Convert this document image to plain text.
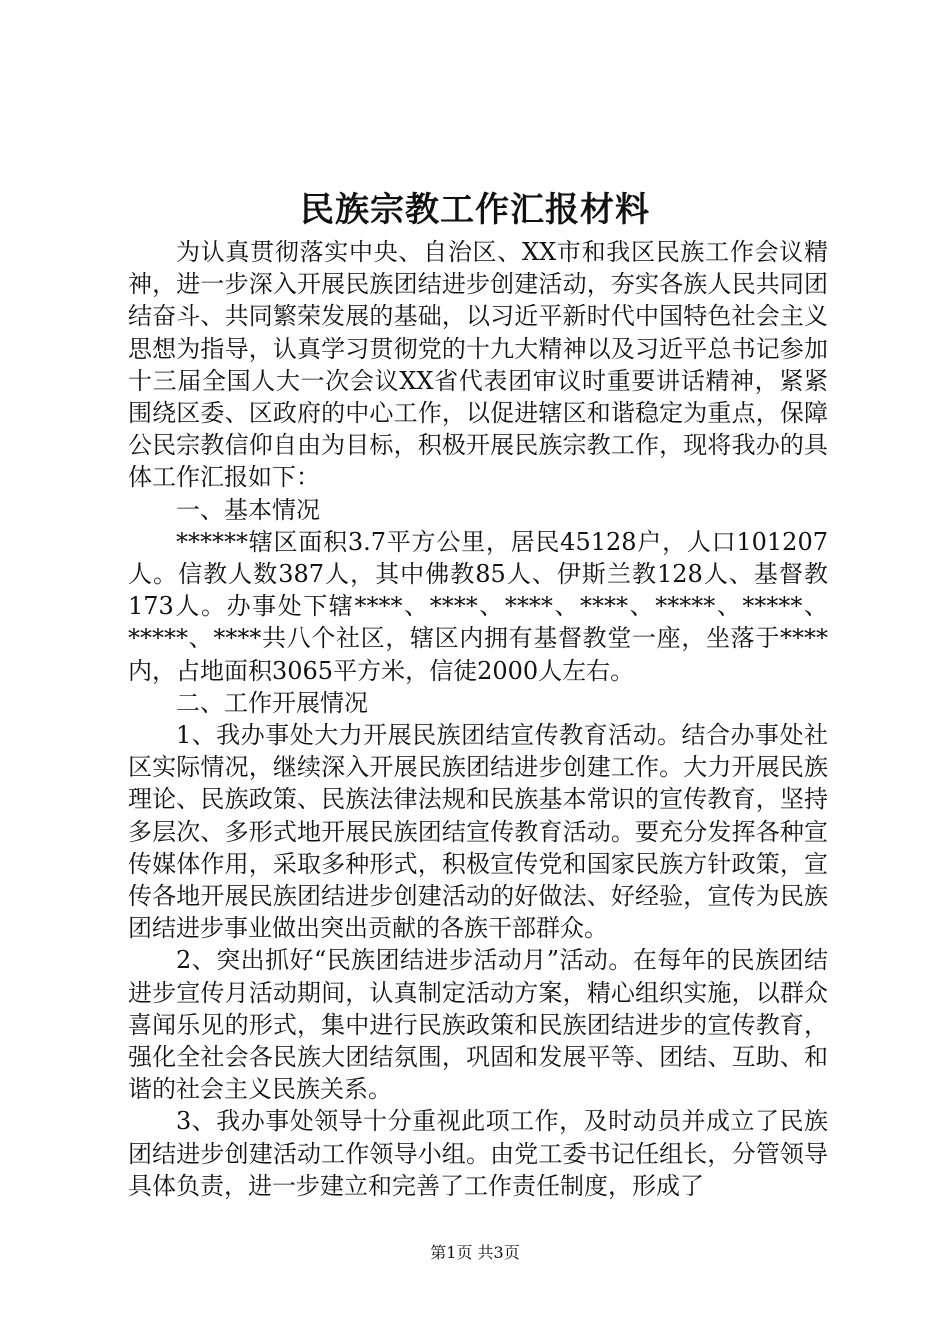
民族宗教工作汇报材料

为认真贯彻落实中央、自治区、XX市和我区民族工作会议精神，进一步深入开展民族团结进步创建活动，夯实各族人民共同团结奋斗、共同繁荣发展的基础，以习近平新时代中国特色社会主义思想为指导，认真学习贯彻党的十九大精神以及习近平总书记参加十三届全国人大一次会议XX省代表团审议时重要讲话精神，紧紧围绕区委、区政府的中心工作，以促进辖区和谐稳定为重点，保障公民宗教信仰自由为目标，积极开展民族宗教工作，现将我办的具体工作汇报如下：

一、基本情况

******辖区面积3.7平方公里，居民45128户，人口101207人。信教人数387人，其中佛教85人、伊斯兰教128人、基督教173人。办事处下辖****、****、****、****、*****、*****、*****、****共八个社区，辖区内拥有基督教堂一座，坐落于****内，占地面积3065平方米，信徒2000人左右。

二、工作开展情况

1、我办事处大力开展民族团结宣传教育活动。结合办事处社区实际情况，继续深入开展民族团结进步创建工作。大力开展民族理论、民族政策、民族法律法规和民族基本常识的宣传教育，坚持多层次、多形式地开展民族团结宣传教育活动。要充分发挥各种宣传媒体作用，采取多种形式，积极宣传党和国家民族方针政策，宣传各地开展民族团结进步创建活动的好做法、好经验，宣传为民族团结进步事业做出突出贡献的各族干部群众。

2、突出抓好“民族团结进步活动月”活动。在每年的民族团结进步宣传月活动期间，认真制定活动方案，精心组织实施，以群众喜闻乐见的形式，集中进行民族政策和民族团结进步的宣传教育，强化全社会各民族大团结氛围，巩固和发展平等、团结、互助、和谐的社会主义民族关系。

3、我办事处领导十分重视此项工作，及时动员并成立了民族团结进步创建活动工作领导小组。由党工委书记任组长，分管领导具体负责，进一步建立和完善了工作责任制度，形成了

第1页 共3页
